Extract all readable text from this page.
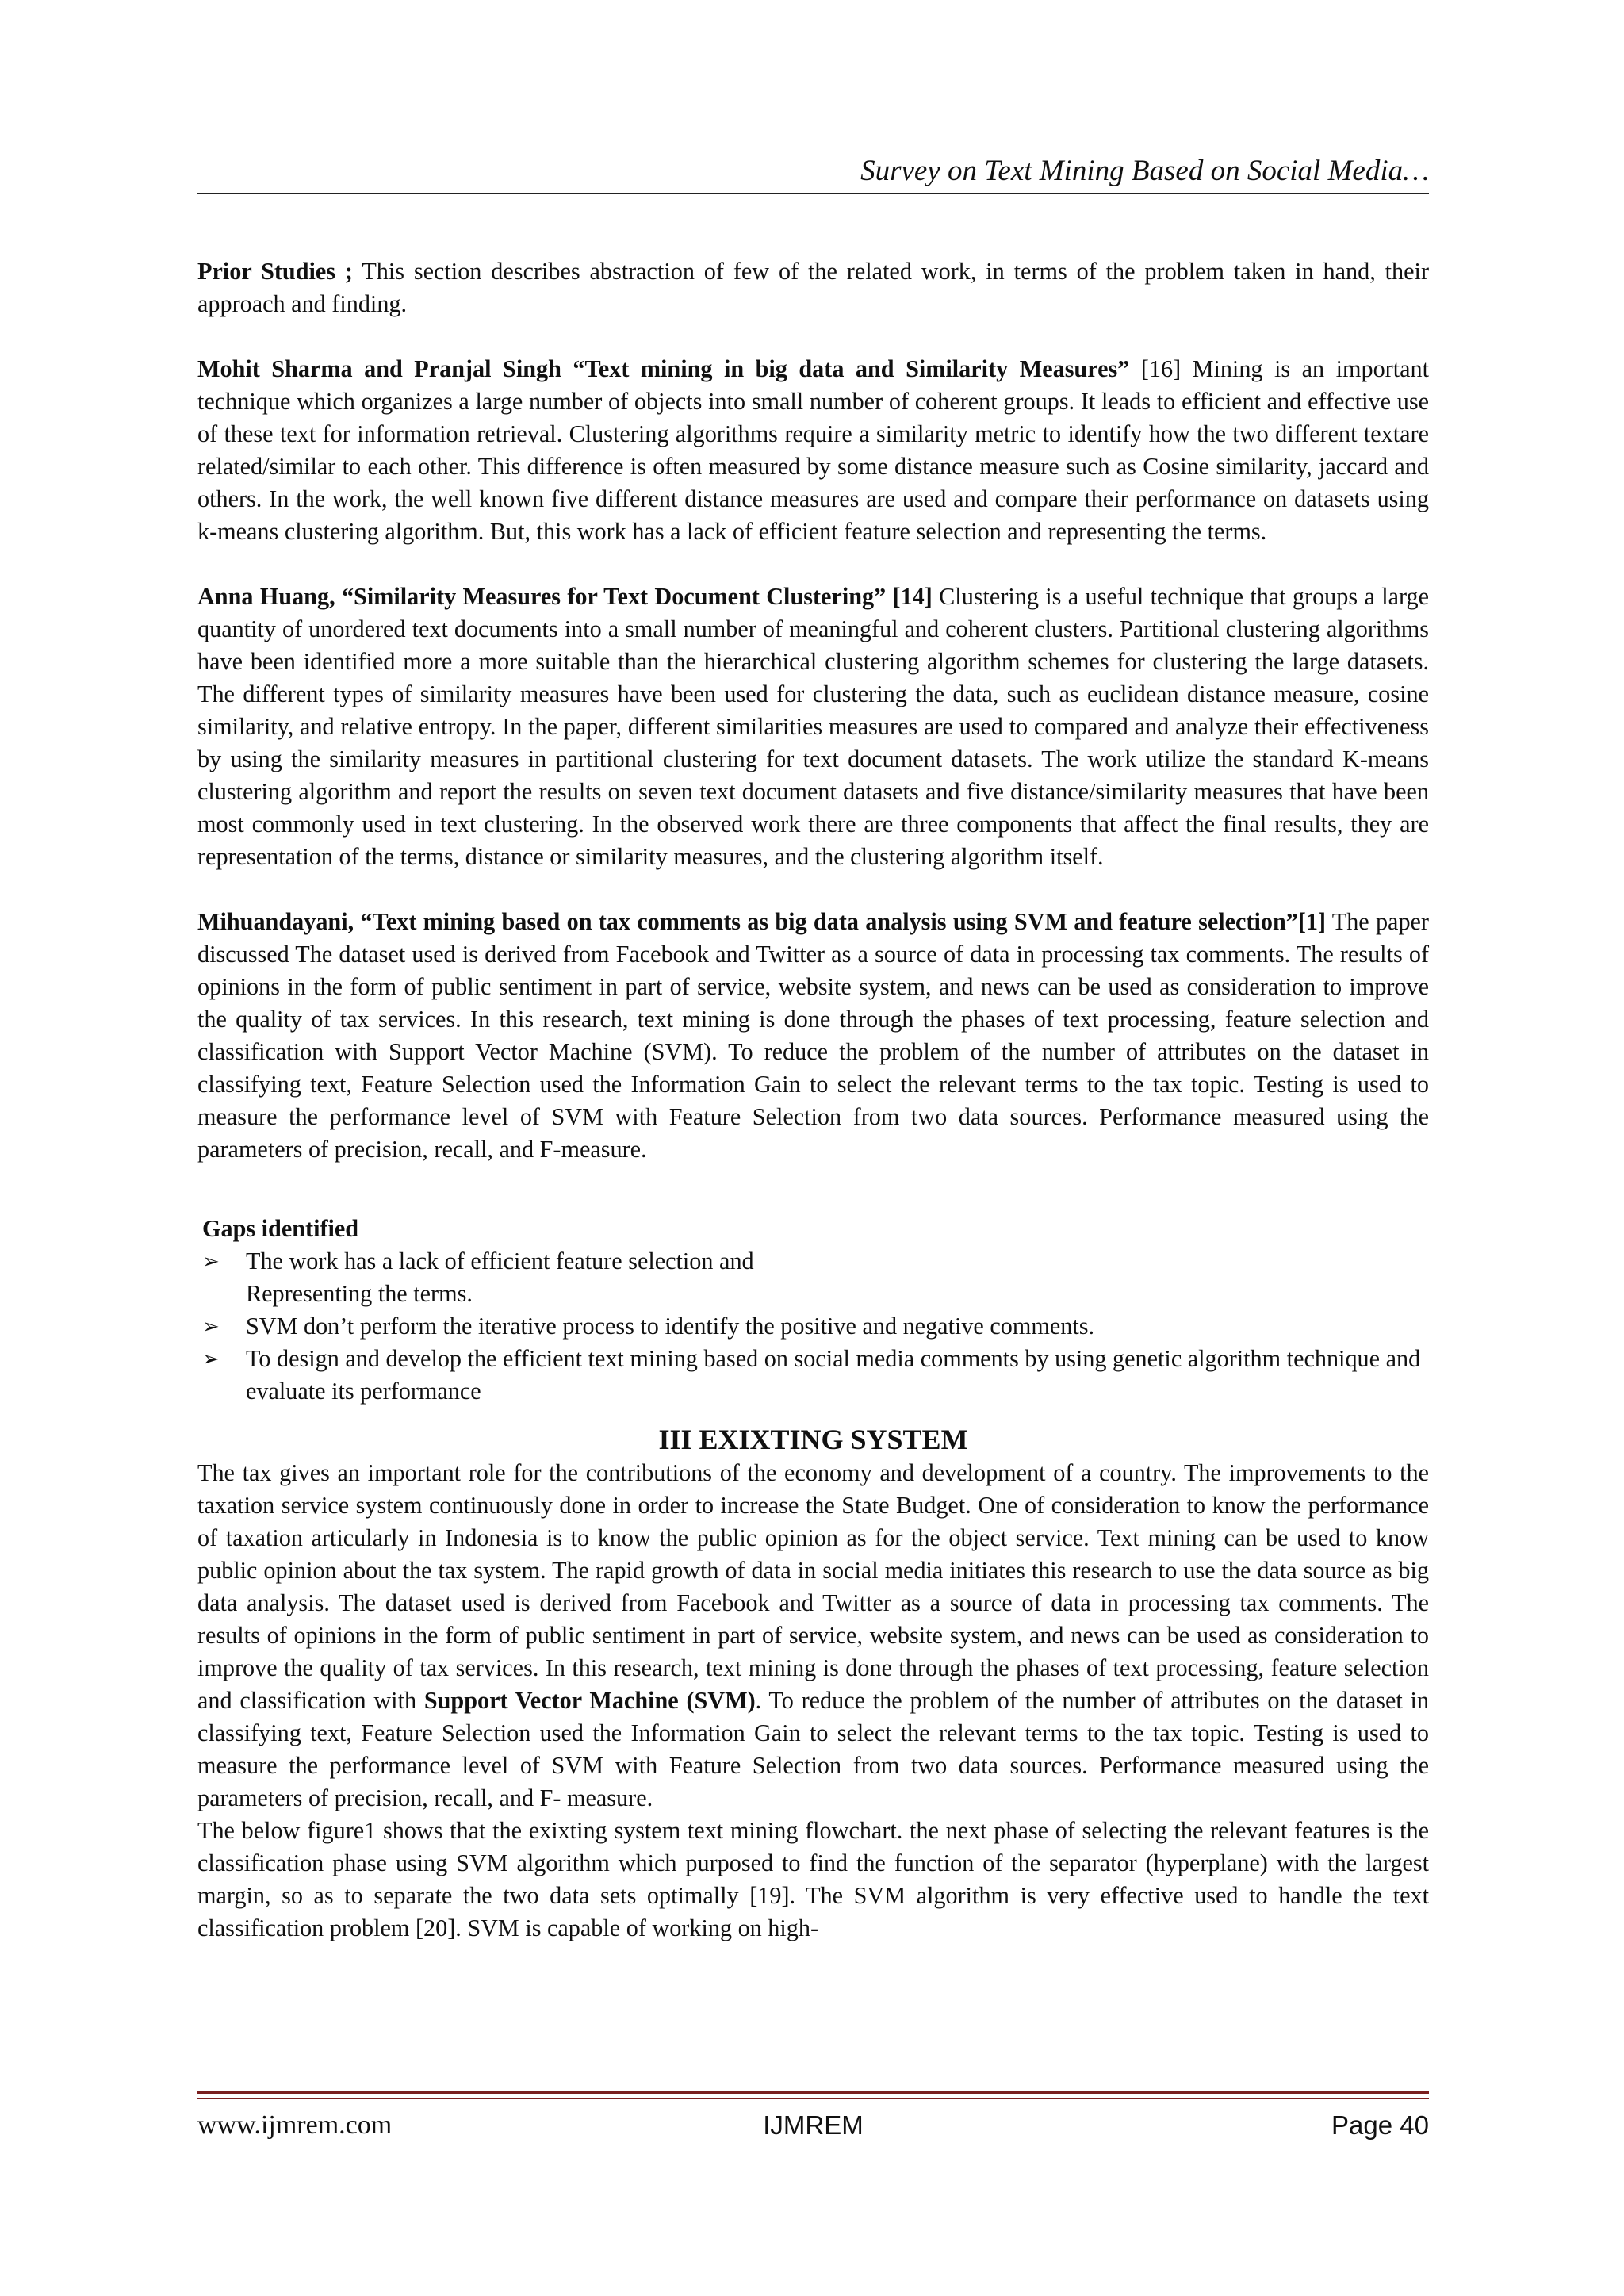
Survey on Text Mining Based on Social Media…

Prior Studies ; This section describes abstraction of few of the related work, in terms of the problem taken in hand, their approach and finding.

Mohit Sharma and Pranjal Singh “Text mining in big data and Similarity Measures” [16] Mining is an important technique which organizes a large number of objects into small number of coherent groups. It leads to efficient and effective use of these text for information retrieval. Clustering algorithms require a similarity metric to identify how the two different textare related/similar to each other. This difference is often measured by some distance measure such as Cosine similarity, jaccard and others. In the work, the well known five different distance measures are used and compare their performance on datasets using k-means clustering algorithm. But, this work has a lack of efficient feature selection and representing the terms.

Anna Huang, “Similarity Measures for Text Document Clustering” [14] Clustering is a useful technique that groups a large quantity of unordered text documents into a small number of meaningful and coherent clusters. Partitional clustering algorithms have been identified more a more suitable than the hierarchical clustering algorithm schemes for clustering the large datasets. The different types of similarity measures have been used for clustering the data, such as euclidean distance measure, cosine similarity, and relative entropy. In the paper, different similarities measures are used to compared and analyze their effectiveness by using the similarity measures in partitional clustering for text document datasets. The work utilize the standard K-means clustering algorithm and report the results on seven text document datasets and five distance/similarity measures that have been most commonly used in text clustering. In the observed work there are three components that affect the final results, they are representation of the terms, distance or similarity measures, and the clustering algorithm itself.

Mihuandayani, “Text mining based on tax comments as big data analysis using SVM and feature selection”[1] The paper discussed The dataset used is derived from Facebook and Twitter as a source of data in processing tax comments. The results of opinions in the form of public sentiment in part of service, website system, and news can be used as consideration to improve the quality of tax services. In this research, text mining is done through the phases of text processing, feature selection and classification with Support Vector Machine (SVM). To reduce the problem of the number of attributes on the dataset in classifying text, Feature Selection used the Information Gain to select the relevant terms to the tax topic. Testing is used to measure the performance level of SVM with Feature Selection from two data sources. Performance measured using the parameters of precision, recall, and F-measure.

Gaps identified
➢ The work has a lack of efficient feature selection and
Representing the terms.
➢ SVM don’t perform the iterative process to identify the positive and negative comments.
➢ To design and develop the efficient text mining based on social media comments by using genetic algorithm technique and evaluate its performance
III EXIXTING SYSTEM

The tax gives an important role for the contributions of the economy and development of a country. The improvements to the taxation service system continuously done in order to increase the State Budget. One of consideration to know the performance of taxation articularly in Indonesia is to know the public opinion as for the object service. Text mining can be used to know public opinion about the tax system. The rapid growth of data in social media initiates this research to use the data source as big data analysis. The dataset used is derived from Facebook and Twitter as a source of data in processing tax comments. The results of opinions in the form of public sentiment in part of service, website system, and news can be used as consideration to improve the quality of tax services. In this research, text mining is done through the phases of text processing, feature selection and classification with Support Vector Machine (SVM). To reduce the problem of the number of attributes on the dataset in classifying text, Feature Selection used the Information Gain to select the relevant terms to the tax topic. Testing is used to measure the performance level of SVM with Feature Selection from two data sources. Performance measured using the parameters of precision, recall, and F- measure.

The below figure1 shows that the exixting system text mining flowchart. the next phase of selecting the relevant features is the classification phase using SVM algorithm which purposed to find the function of the separator (hyperplane) with the largest margin, so as to separate the two data sets optimally [19]. The SVM algorithm is very effective used to handle the text classification problem [20]. SVM is capable of working on high-

www.ijmrem.com	IJMREM	Page 40
